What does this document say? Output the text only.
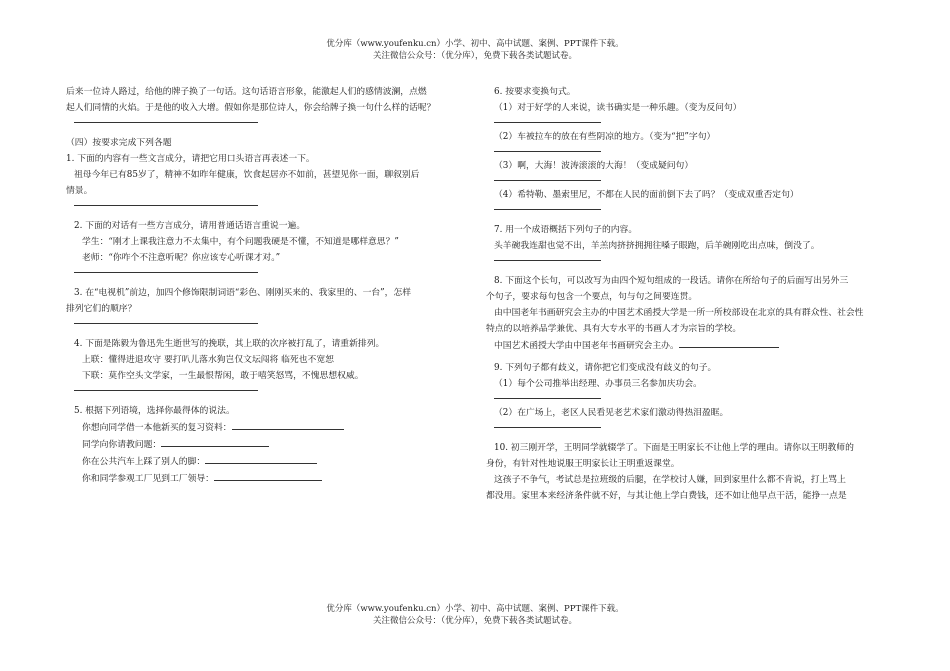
优分库（www.youfenku.cn）小学、初中、高中试题、案例、PPT课件下载。
关注微信公众号：（优分库），免费下载各类试题试卷。

后来一位诗人路过，给他的牌子换了一句话。这句话语言形象，能激起人们的感情波澜，点燃

起人们同情的火焰。于是他的收入大增。假如你是那位诗人，你会给牌子换一句什么样的话呢？

（四）按要求完成下列各题

1. 下面的内容有一些文言成分，请把它用口头语言再表述一下。

祖母今年已有85岁了，精神不如昨年健康，饮食起居亦不如前，甚望见你一面，聊叙别后

情景。

2. 下面的对话有一些方言成分，请用普通话语言重说一遍。

学生：“刚才上课我注意力不太集中，有个问题我硬是不懂，不知道是哪样意思？”

老师：“你咋个不注意听呢？你应该专心听课才对。”

3. 在“电视机”前边，加四个修饰限制词语“彩色、刚刚买来的、我家里的、一台”，怎样

排列它们的顺序？

4. 下面是陈毅为鲁迅先生逝世写的挽联，其上联的次序被打乱了，请重新排列。

上联：懂得进退攻守 要打叭儿落水狗岂仅文坛闯将 临死也不宽恕

下联：莫作空头文学家，一生最恨帮闲，敢于嘻笑怒骂，不愧思想权威。

5. 根据下列语境，选择你最得体的说法。

你想向同学借一本他新买的复习资料：

同学向你请教问题：

你在公共汽车上踩了别人的脚：

你和同学参观工厂见到工厂领导：

6. 按要求变换句式。

（1）对于好学的人来说，读书确实是一种乐趣。（变为反问句）

（2）车被拉车的放在有些阴凉的地方。（变为“把”字句）

（3）啊，大海！波涛滚滚的大海！（变成疑问句）

（4）希特勒、墨索里尼，不都在人民的面前倒下去了吗？（变成双重否定句）

7. 用一个成语概括下列句子的内容。

头羊碗我连甜也觉不出，羊羔肉挤挤拥拥往嗓子眼跑，后羊碗刚吃出点味，倒没了。

8. 下面这个长句，可以改写为由四个短句组成的一段话。请你在所给句子的后面写出另外三

个句子，要求每句包含一个要点，句与句之间要连贯。

由中国老年书画研究会主办的中国艺术函授大学是一所一所校部设在北京的具有群众性、社会性

特点的以培养品学兼优、具有大专水平的书画人才为宗旨的学校。

中国艺术函授大学由中国老年书画研究会主办。

9. 下列句子都有歧义，请你把它们变成没有歧义的句子。

（1）每个公司推举出经理、办事员三名参加庆功会。

（2）在广场上，老区人民看见老艺术家们激动得热泪盈眶。

10. 初三刚开学，王明同学就辍学了。下面是王明家长不让他上学的理由。请你以王明教师的

身份，有针对性地说服王明家长让王明重返课堂。

这孩子不争气，考试总是拉班级的后腿，在学校讨人嫌，回到家里什么都不肯说，打上骂上

都没用。家里本来经济条件就不好，与其让他上学白费钱，还不如让他早点干活，能挣一点是

优分库（www.youfenku.cn）小学、初中、高中试题、案例、PPT课件下载。
关注微信公众号：（优分库），免费下载各类试题试卷。
